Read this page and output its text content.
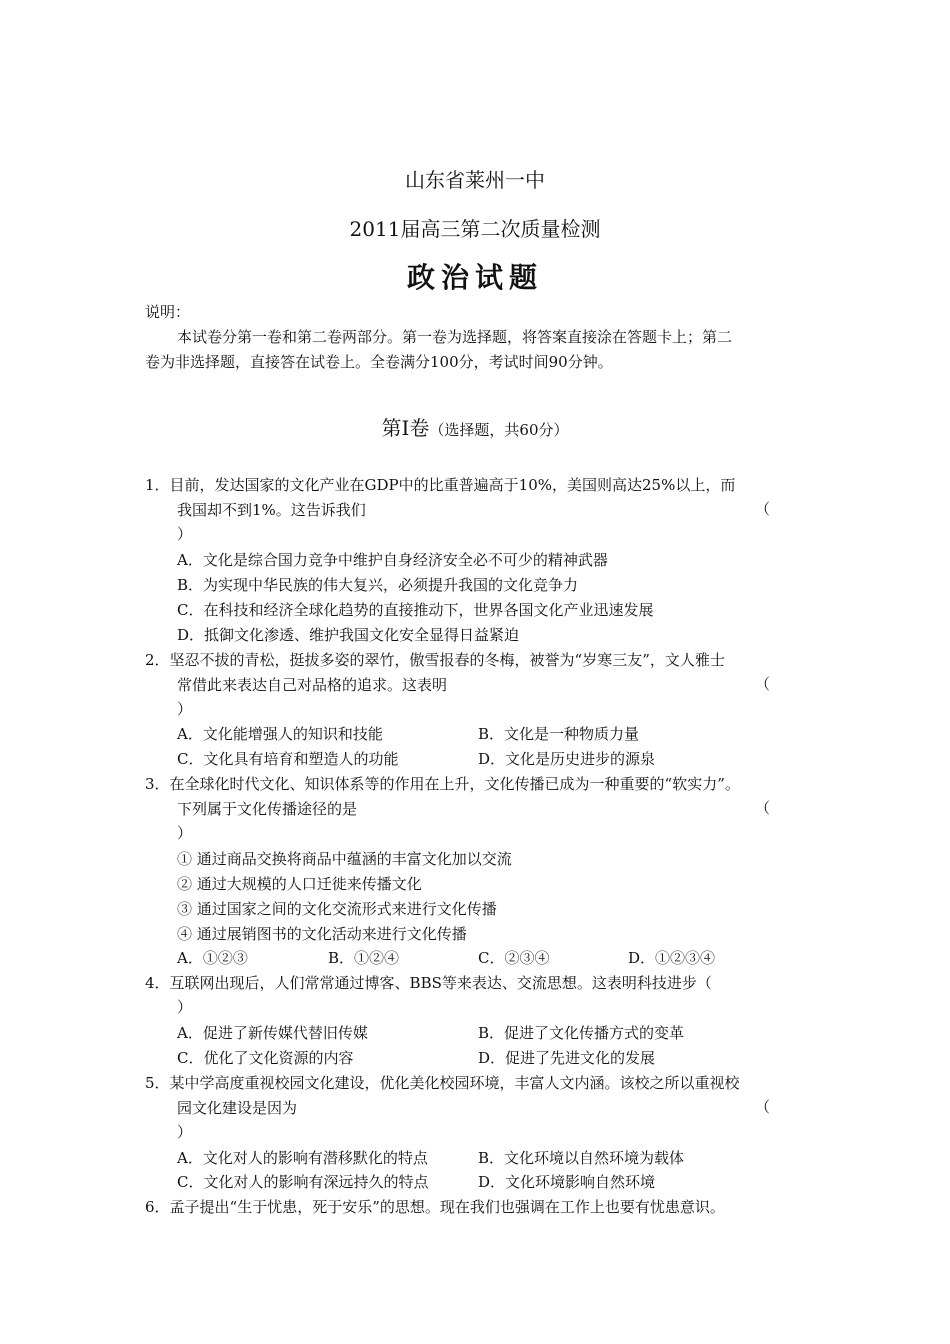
山东省莱州一中
2011届高三第二次质量检测
政治试题
说明：
本试卷分第一卷和第二卷两部分。第一卷为选择题，将答案直接涂在答题卡上；第二
卷为非选择题，直接答在试卷上。全卷满分100分，考试时间90分钟。
第Ⅰ卷（选择题，共60分）
1．目前，发达国家的文化产业在GDP中的比重普遍高于10%，美国则高达25%以上，而
我国却不到1%。这告诉我们	（
）
A．文化是综合国力竞争中维护自身经济安全必不可少的精神武器
B．为实现中华民族的伟大复兴，必须提升我国的文化竞争力
C．在科技和经济全球化趋势的直接推动下，世界各国文化产业迅速发展
D．抵御文化渗透、维护我国文化安全显得日益紧迫
2．坚忍不拔的青松，挺拔多姿的翠竹，傲雪报春的冬梅，被誉为“岁寒三友”，文人雅士
常借此来表达自己对品格的追求。这表明	（
）
A．文化能增强人的知识和技能	B．文化是一种物质力量
C．文化具有培育和塑造人的功能	D．文化是历史进步的源泉
3．在全球化时代文化、知识体系等的作用在上升，文化传播已成为一种重要的“软实力”。
下列属于文化传播途径的是	（
）
① 通过商品交换将商品中蕴涵的丰富文化加以交流
② 通过大规模的人口迁徙来传播文化
③ 通过国家之间的文化交流形式来进行文化传播
④ 通过展销图书的文化活动来进行文化传播
A．①②③	B．①②④	C．②③④	D．①②③④
4．互联网出现后，人们常常通过博客、BBS等来表达、交流思想。这表明科技进步（
）
A．促进了新传媒代替旧传媒	B．促进了文化传播方式的变革
C．优化了文化资源的内容	D．促进了先进文化的发展
5．某中学高度重视校园文化建设，优化美化校园环境，丰富人文内涵。该校之所以重视校
园文化建设是因为	（
）
A．文化对人的影响有潜移默化的特点	B．文化环境以自然环境为载体
C．文化对人的影响有深远持久的特点	D．文化环境影响自然环境
6．孟子提出“生于忧患，死于安乐”的思想。现在我们也强调在工作上也要有忧患意识。
